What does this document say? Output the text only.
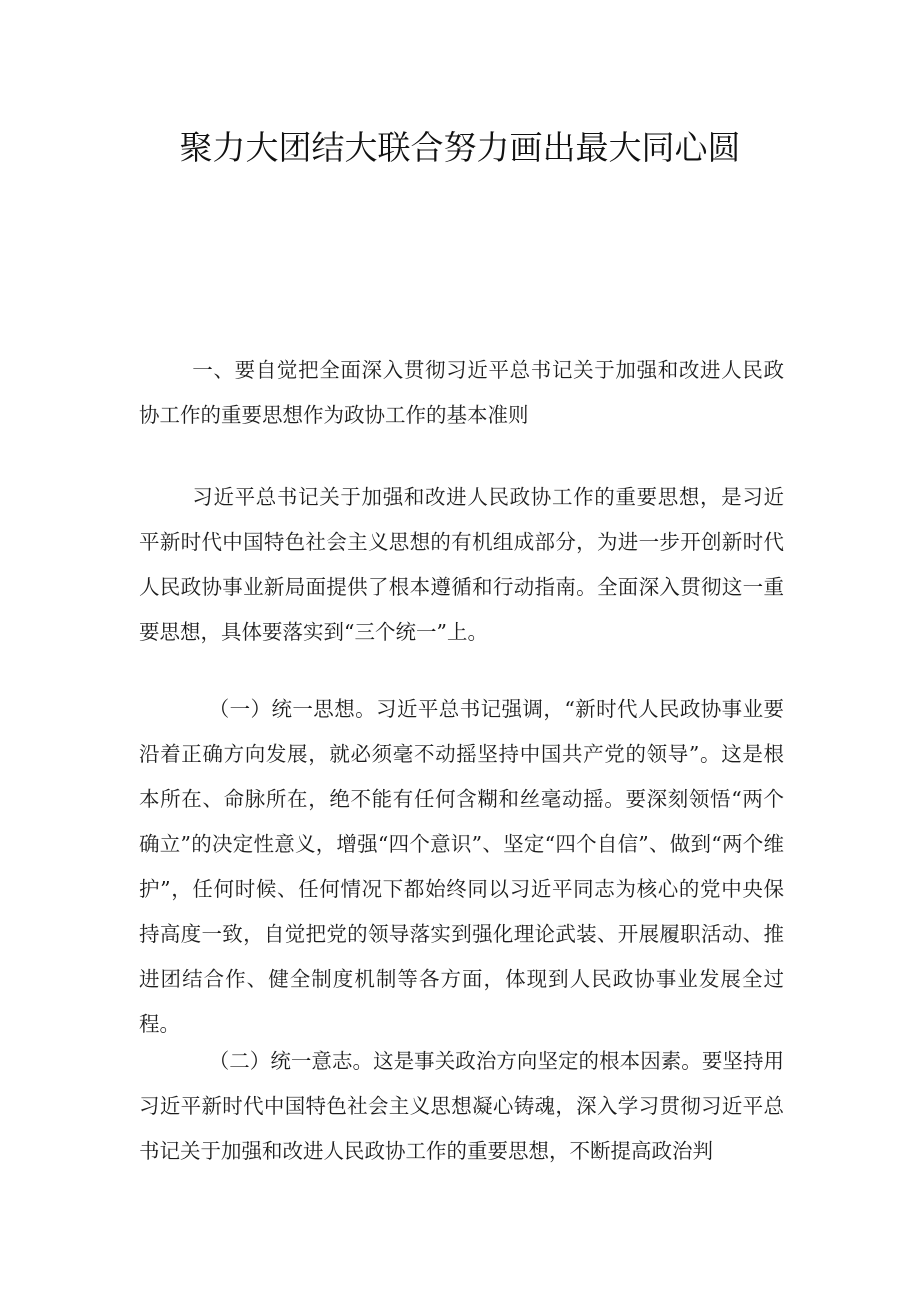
聚力大团结大联合努力画出最大同心圆

一、要自觉把全面深入贯彻习近平总书记关于加强和改进人民政协工作的重要思想作为政协工作的基本准则

习近平总书记关于加强和改进人民政协工作的重要思想，是习近平新时代中国特色社会主义思想的有机组成部分，为进一步开创新时代人民政协事业新局面提供了根本遵循和行动指南。全面深入贯彻这一重要思想，具体要落实到“三个统一”上。

（一）统一思想。习近平总书记强调，“新时代人民政协事业要沿着正确方向发展，就必须毫不动摇坚持中国共产党的领导”。这是根本所在、命脉所在，绝不能有任何含糊和丝毫动摇。要深刻领悟“两个确立”的决定性意义，增强“四个意识”、坚定“四个自信”、做到“两个维护”，任何时候、任何情况下都始终同以习近平同志为核心的党中央保持高度一致，自觉把党的领导落实到强化理论武装、开展履职活动、推进团结合作、健全制度机制等各方面，体现到人民政协事业发展全过程。

（二）统一意志。这是事关政治方向坚定的根本因素。要坚持用习近平新时代中国特色社会主义思想凝心铸魂，深入学习贯彻习近平总书记关于加强和改进人民政协工作的重要思想，不断提高政治判
